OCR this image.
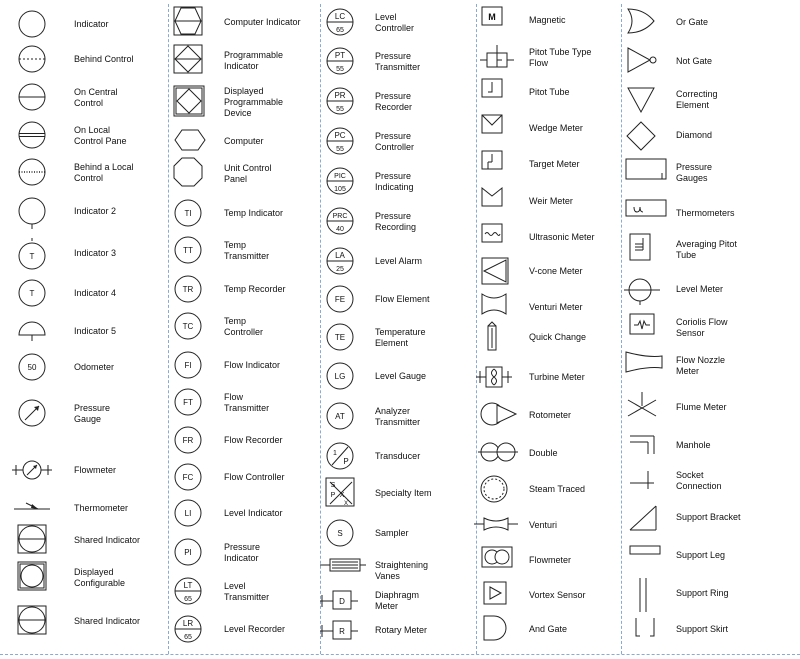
Indicator
Behind Control
On Central
Control
On Local
Control Pane
Behind a Local
Control
Indicator 2
T	Indicator 3
T	Indicator 4
Indicator 5
50	Odometer
Pressure
Gauge
Flowmeter
Thermometer
Shared Indicator
Displayed
Configurable
Shared Indicator
Computer Indicator
Programmable
Indicator
Displayed
Programmable
Device
Computer
Unit Control
Panel
TI	Temp Indicator
TT
Temp
Transmitter
TR	Temp Recorder
TC
Temp
Controller
FI	Flow Indicator
FT
Flow
Transmitter
FR	Flow Recorder
FC	Flow Controller
LI	Level Indicator
PI
Pressure
Indicator
LT
65
Level
Transmitter
LR
65
Level Recorder
LC
65
Level
Controller
PT
55
Pressure
Transmitter
PR
55
Pressure
Recorder
PC
55
Pressure
Controller
PIC
105
Pressure
Indicating
PRC
40
Pressure
Recording
LA
25
Level Alarm
FE	Flow Element
TE
Temperature
Element
LG	Level Gauge
AT
Analyzer
Transmitter
1
P
Transducer
S
P X
X
Specialty Item
S	Sampler
Straightening
Vanes
D
Diaphragm
Meter
R	Rotary Meter
M	Magnetic
Pitot Tube Type
Flow
Pitot Tube
Wedge Meter
Target Meter
Weir Meter
Ultrasonic Meter
V-cone Meter
Venturi Meter
Quick Change
Turbine Meter
Rotometer
Double
Steam Traced
Venturi
Flowmeter
Vortex Sensor
And Gate
Or Gate
Not Gate
Correcting
Element
Diamond
Pressure
Gauges
Thermometers
Averaging Pitot
Tube
Level Meter
Coriolis Flow
Sensor
Flow Nozzle
Meter
Flume Meter
Manhole
Socket
Connection
Support Bracket
Support Leg
Support Ring
Support Skirt
